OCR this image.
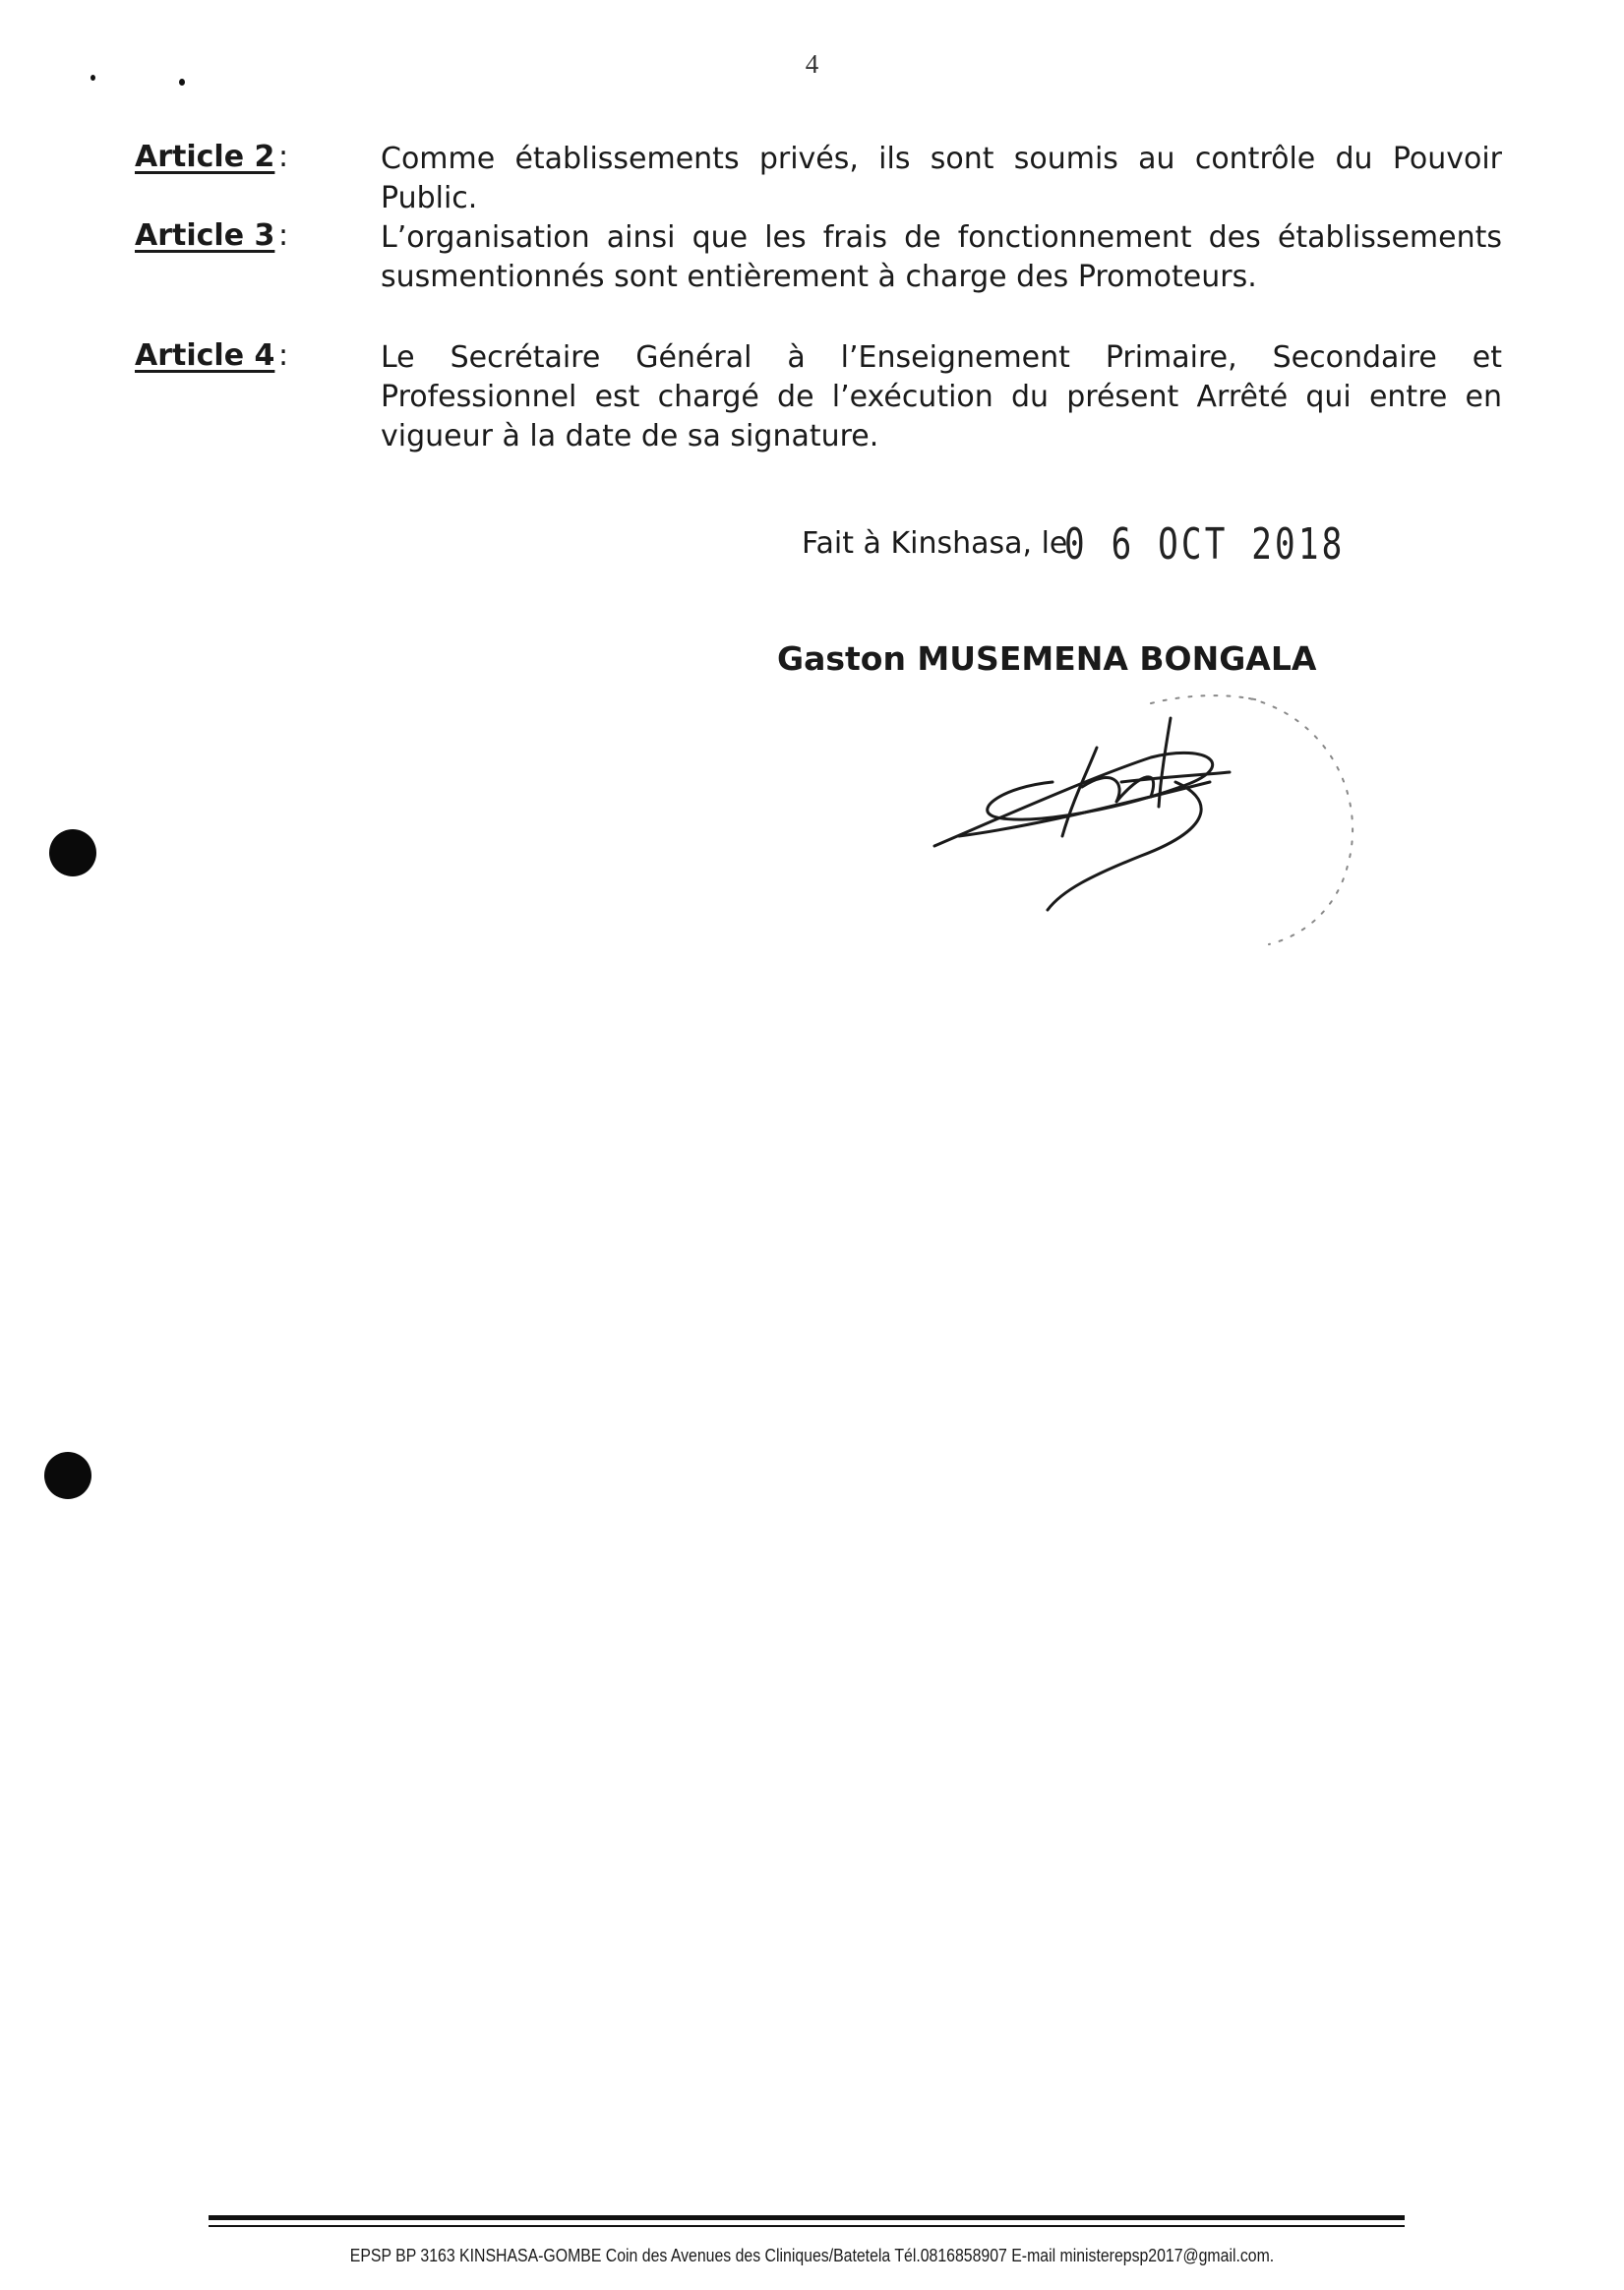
4
Article 2 :	Comme établissements privés, ils sont soumis au contrôle du Pouvoir Public.

Article 3 :	L’organisation ainsi que les frais de fonctionnement des établissements susmentionnés sont entièrement à charge des Promoteurs.

Article 4 :	Le Secrétaire Général à l’Enseignement Primaire, Secondaire et Professionnel est chargé de l’exécution du présent Arrêté qui entre en vigueur à la date de sa signature.

Fait à Kinshasa, le
0 6 OCT 2018
Gaston MUSEMENA BONGALA
EPSP BP 3163 KINSHASA-GOMBE Coin des Avenues des Cliniques/Batetela Tél.0816858907 E-mail ministerepsp2017@gmail.com.
